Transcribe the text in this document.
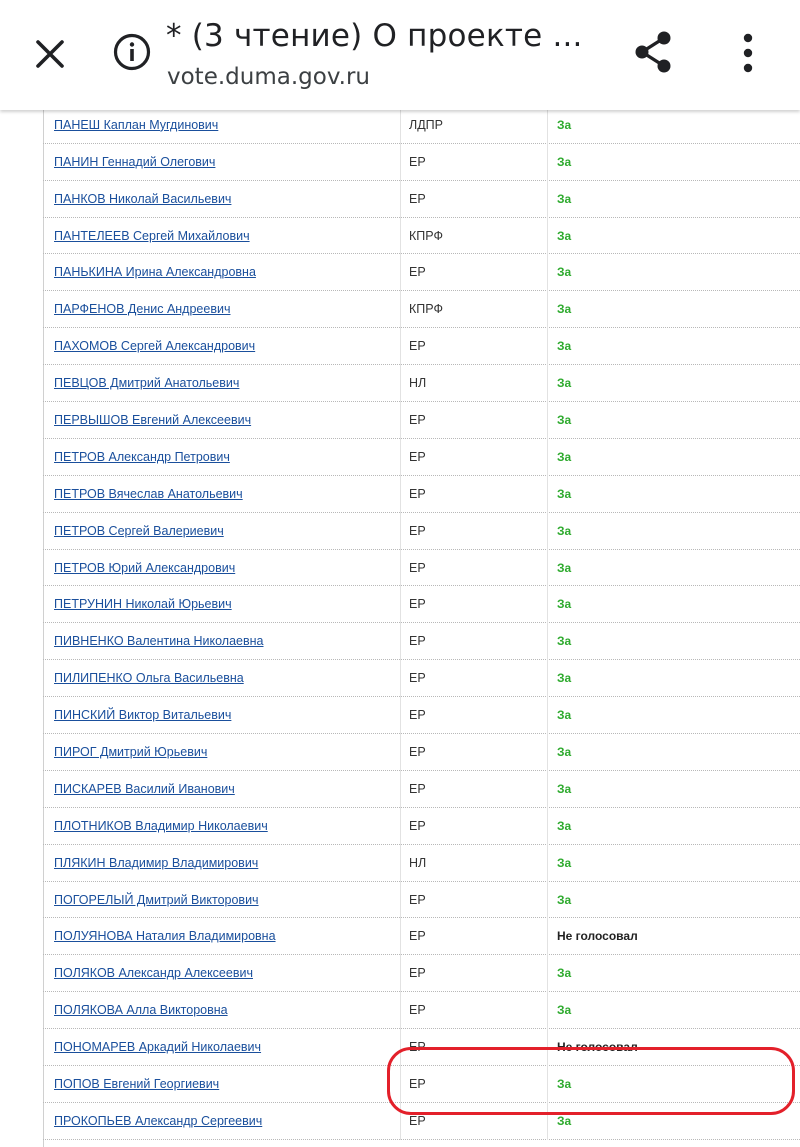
ПАНЕШ Каплан Мугдинович	ЛДПР	За
ПАНИН Геннадий Олегович	ЕР	За
ПАНКОВ Николай Васильевич	ЕР	За
ПАНТЕЛЕЕВ Сергей Михайлович	КПРФ	За
ПАНЬКИНА Ирина Александровна	ЕР	За
ПАРФЕНОВ Денис Андреевич	КПРФ	За
ПАХОМОВ Сергей Александрович	ЕР	За
ПЕВЦОВ Дмитрий Анатольевич	НЛ	За
ПЕРВЫШОВ Евгений Алексеевич	ЕР	За
ПЕТРОВ Александр Петрович	ЕР	За
ПЕТРОВ Вячеслав Анатольевич	ЕР	За
ПЕТРОВ Сергей Валериевич	ЕР	За
ПЕТРОВ Юрий Александрович	ЕР	За
ПЕТРУНИН Николай Юрьевич	ЕР	За
ПИВНЕНКО Валентина Николаевна	ЕР	За
ПИЛИПЕНКО Ольга Васильевна	ЕР	За
ПИНСКИЙ Виктор Витальевич	ЕР	За
ПИРОГ Дмитрий Юрьевич	ЕР	За
ПИСКАРЕВ Василий Иванович	ЕР	За
ПЛОТНИКОВ Владимир Николаевич	ЕР	За
ПЛЯКИН Владимир Владимирович	НЛ	За
ПОГОРЕЛЫЙ Дмитрий Викторович	ЕР	За
ПОЛУЯНОВА Наталия Владимировна	ЕР	Не голосовал
ПОЛЯКОВ Александр Алексеевич	ЕР	За
ПОЛЯКОВА Алла Викторовна	ЕР	За
ПОНОМАРЕВ Аркадий Николаевич	ЕР	Не голосовал
ПОПОВ Евгений Георгиевич	ЕР	За
ПРОКОПЬЕВ Александр Сергеевич	ЕР	За
* (3 чтение) О проекте ...
vote.duma.gov.ru
